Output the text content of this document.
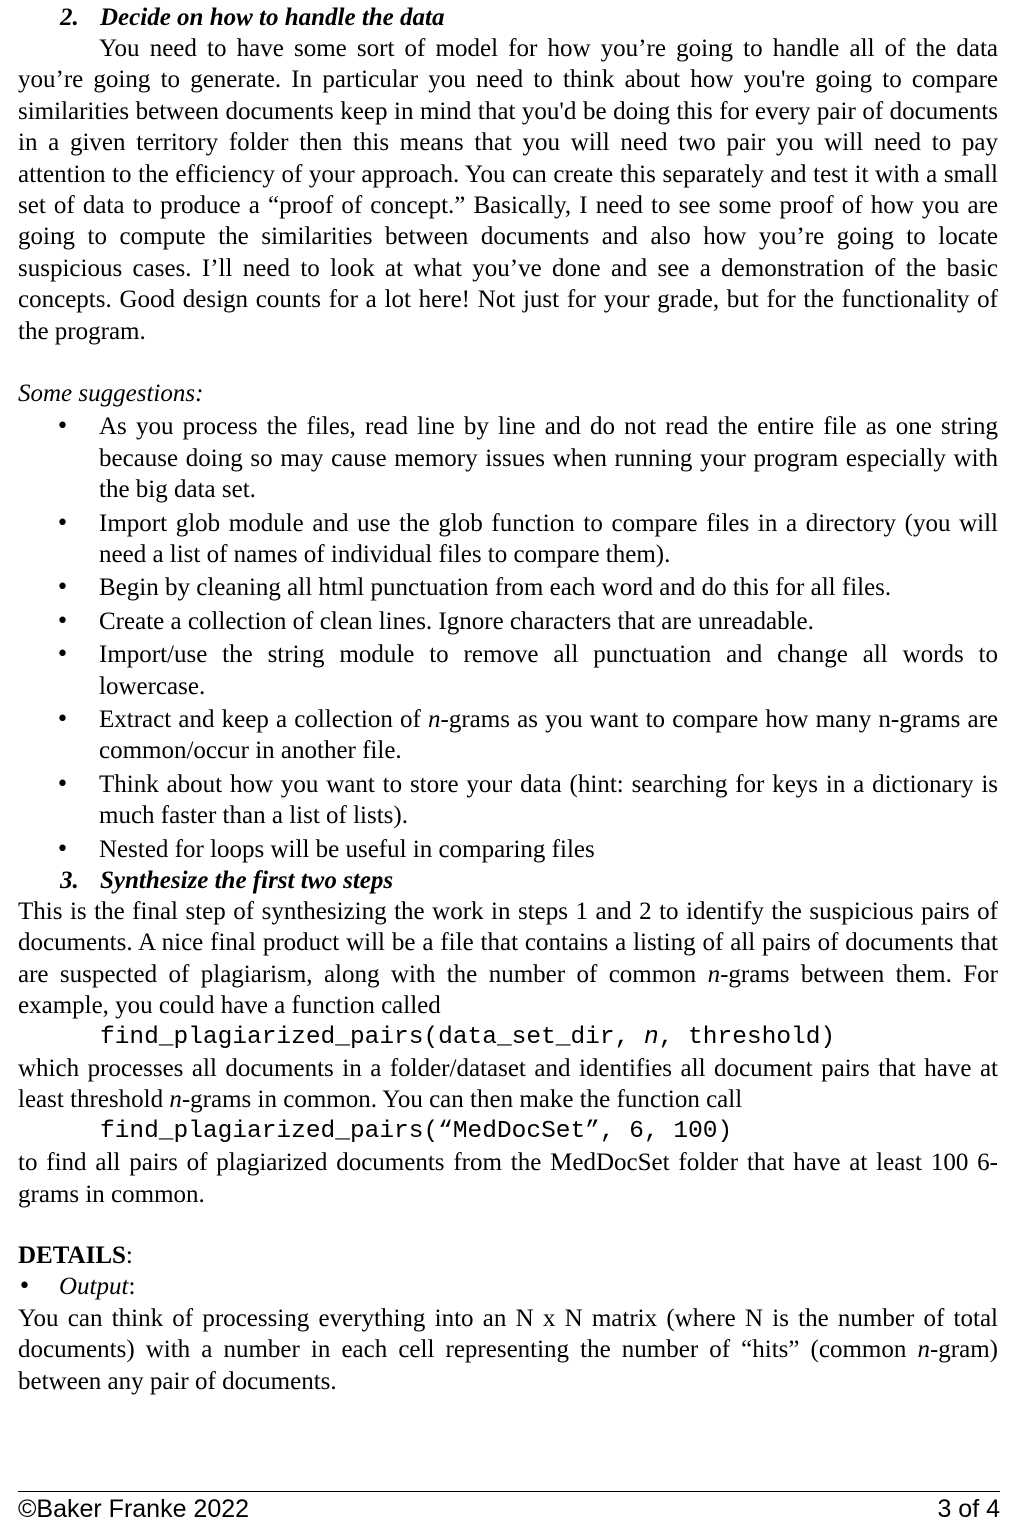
2. Decide on how to handle the data
You need to have some sort of model for how you’re going to handle all of the data you’re going to generate. In particular you need to think about how you're going to compare similarities between documents keep in mind that you'd be doing this for every pair of documents in a given territory folder then this means that you will need two pair you will need to pay attention to the efficiency of your approach. You can create this separately and test it with a small set of data to produce a “proof of concept.” Basically, I need to see some proof of how you are going to compute the similarities between documents and also how you’re going to locate suspicious cases. I’ll need to look at what you’ve done and see a demonstration of the basic concepts. Good design counts for a lot here! Not just for your grade, but for the functionality of the program.
Some suggestions:
• As you process the files, read line by line and do not read the entire file as one string because doing so may cause memory issues when running your program especially with the big data set.
• Import glob module and use the glob function to compare files in a directory (you will need a list of names of individual files to compare them).
• Begin by cleaning all html punctuation from each word and do this for all files.
• Create a collection of clean lines. Ignore characters that are unreadable.
• Import/use the string module to remove all punctuation and change all words to lowercase.
• Extract and keep a collection of n-grams as you want to compare how many n-grams are common/occur in another file.
• Think about how you want to store your data (hint: searching for keys in a dictionary is much faster than a list of lists).
• Nested for loops will be useful in comparing files
3. Synthesize the first two steps
This is the final step of synthesizing the work in steps 1 and 2 to identify the suspicious pairs of documents. A nice final product will be a file that contains a listing of all pairs of documents that are suspected of plagiarism, along with the number of common n-grams between them. For example, you could have a function called
find_plagiarized_pairs(data_set_dir, n, threshold)
which processes all documents in a folder/dataset and identifies all document pairs that have at least threshold n-grams in common. You can then make the function call
find_plagiarized_pairs(“MedDocSet”, 6, 100)
to find all pairs of plagiarized documents from the MedDocSet folder that have at least 100 6-grams in common.
DETAILS:
• Output:
You can think of processing everything into an N x N matrix (where N is the number of total documents) with a number in each cell representing the number of “hits” (common n-gram) between any pair of documents.
©Baker Franke 2022	3 of 4
